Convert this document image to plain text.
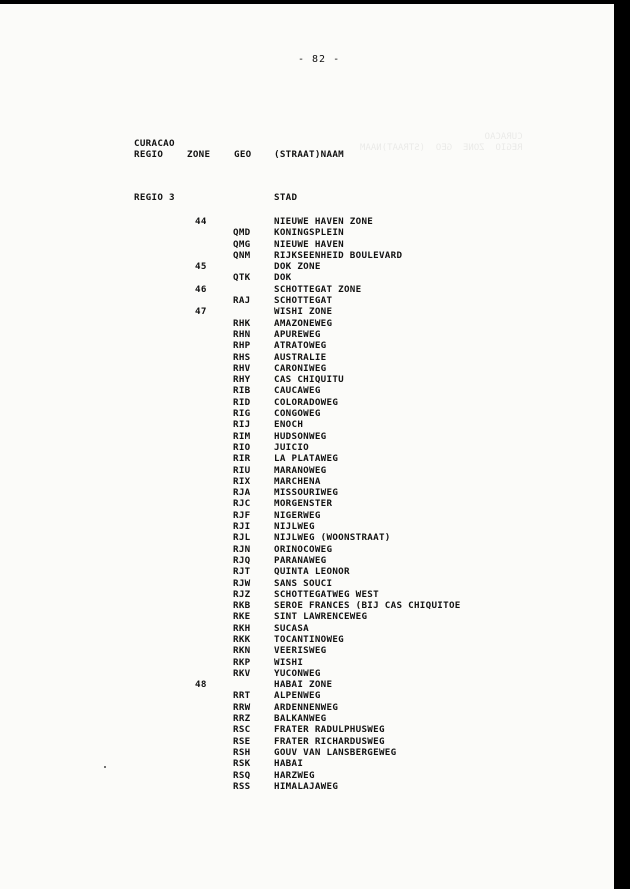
CURACAO
REGIO  ZONE  GEO  (STRAAT)NAAM
- 82 -
CURACAO
REGIO	ZONE	GEO (STRAAT)NAAM
REGIO 3	STAD
44	NIEUWE HAVEN ZONE
QMD	KONINGSPLEIN
QMG	NIEUWE HAVEN
QNM	RIJKSEENHEID BOULEVARD
45	DOK ZONE
QTK	DOK
46	SCHOTTEGAT ZONE
RAJ	SCHOTTEGAT
47	WISHI ZONE
RHK	AMAZONEWEG
RHN	APUREWEG
RHP	ATRATOWEG
RHS	AUSTRALIE
RHV	CARONIWEG
RHY	CAS CHIQUITU
RIB	CAUCAWEG
RID	COLORADOWEG
RIG	CONGOWEG
RIJ	ENOCH
RIM	HUDSONWEG
RIO	JUICIO
RIR	LA PLATAWEG
RIU	MARANOWEG
RIX	MARCHENA
RJA	MISSOURIWEG
RJC	MORGENSTER
RJF	NIGERWEG
RJI	NIJLWEG
RJL	NIJLWEG (WOONSTRAAT)
RJN	ORINOCOWEG
RJQ	PARANAWEG
RJT	QUINTA LEONOR
RJW	SANS SOUCI
RJZ	SCHOTTEGATWEG WEST
RKB	SEROE FRANCES (BIJ CAS CHIQUITOE
RKE	SINT LAWRENCEWEG
RKH	SUCASA
RKK	TOCANTINOWEG
RKN	VEERISWEG
RKP	WISHI
RKV	YUCONWEG
48	HABAI ZONE
RRT	ALPENWEG
RRW	ARDENNENWEG
RRZ	BALKANWEG
RSC	FRATER RADULPHUSWEG
RSE	FRATER RICHARDUSWEG
RSH	GOUV VAN LANSBERGEWEG
RSK	HABAI
RSQ	HARZWEG
RSS	HIMALAJAWEG
